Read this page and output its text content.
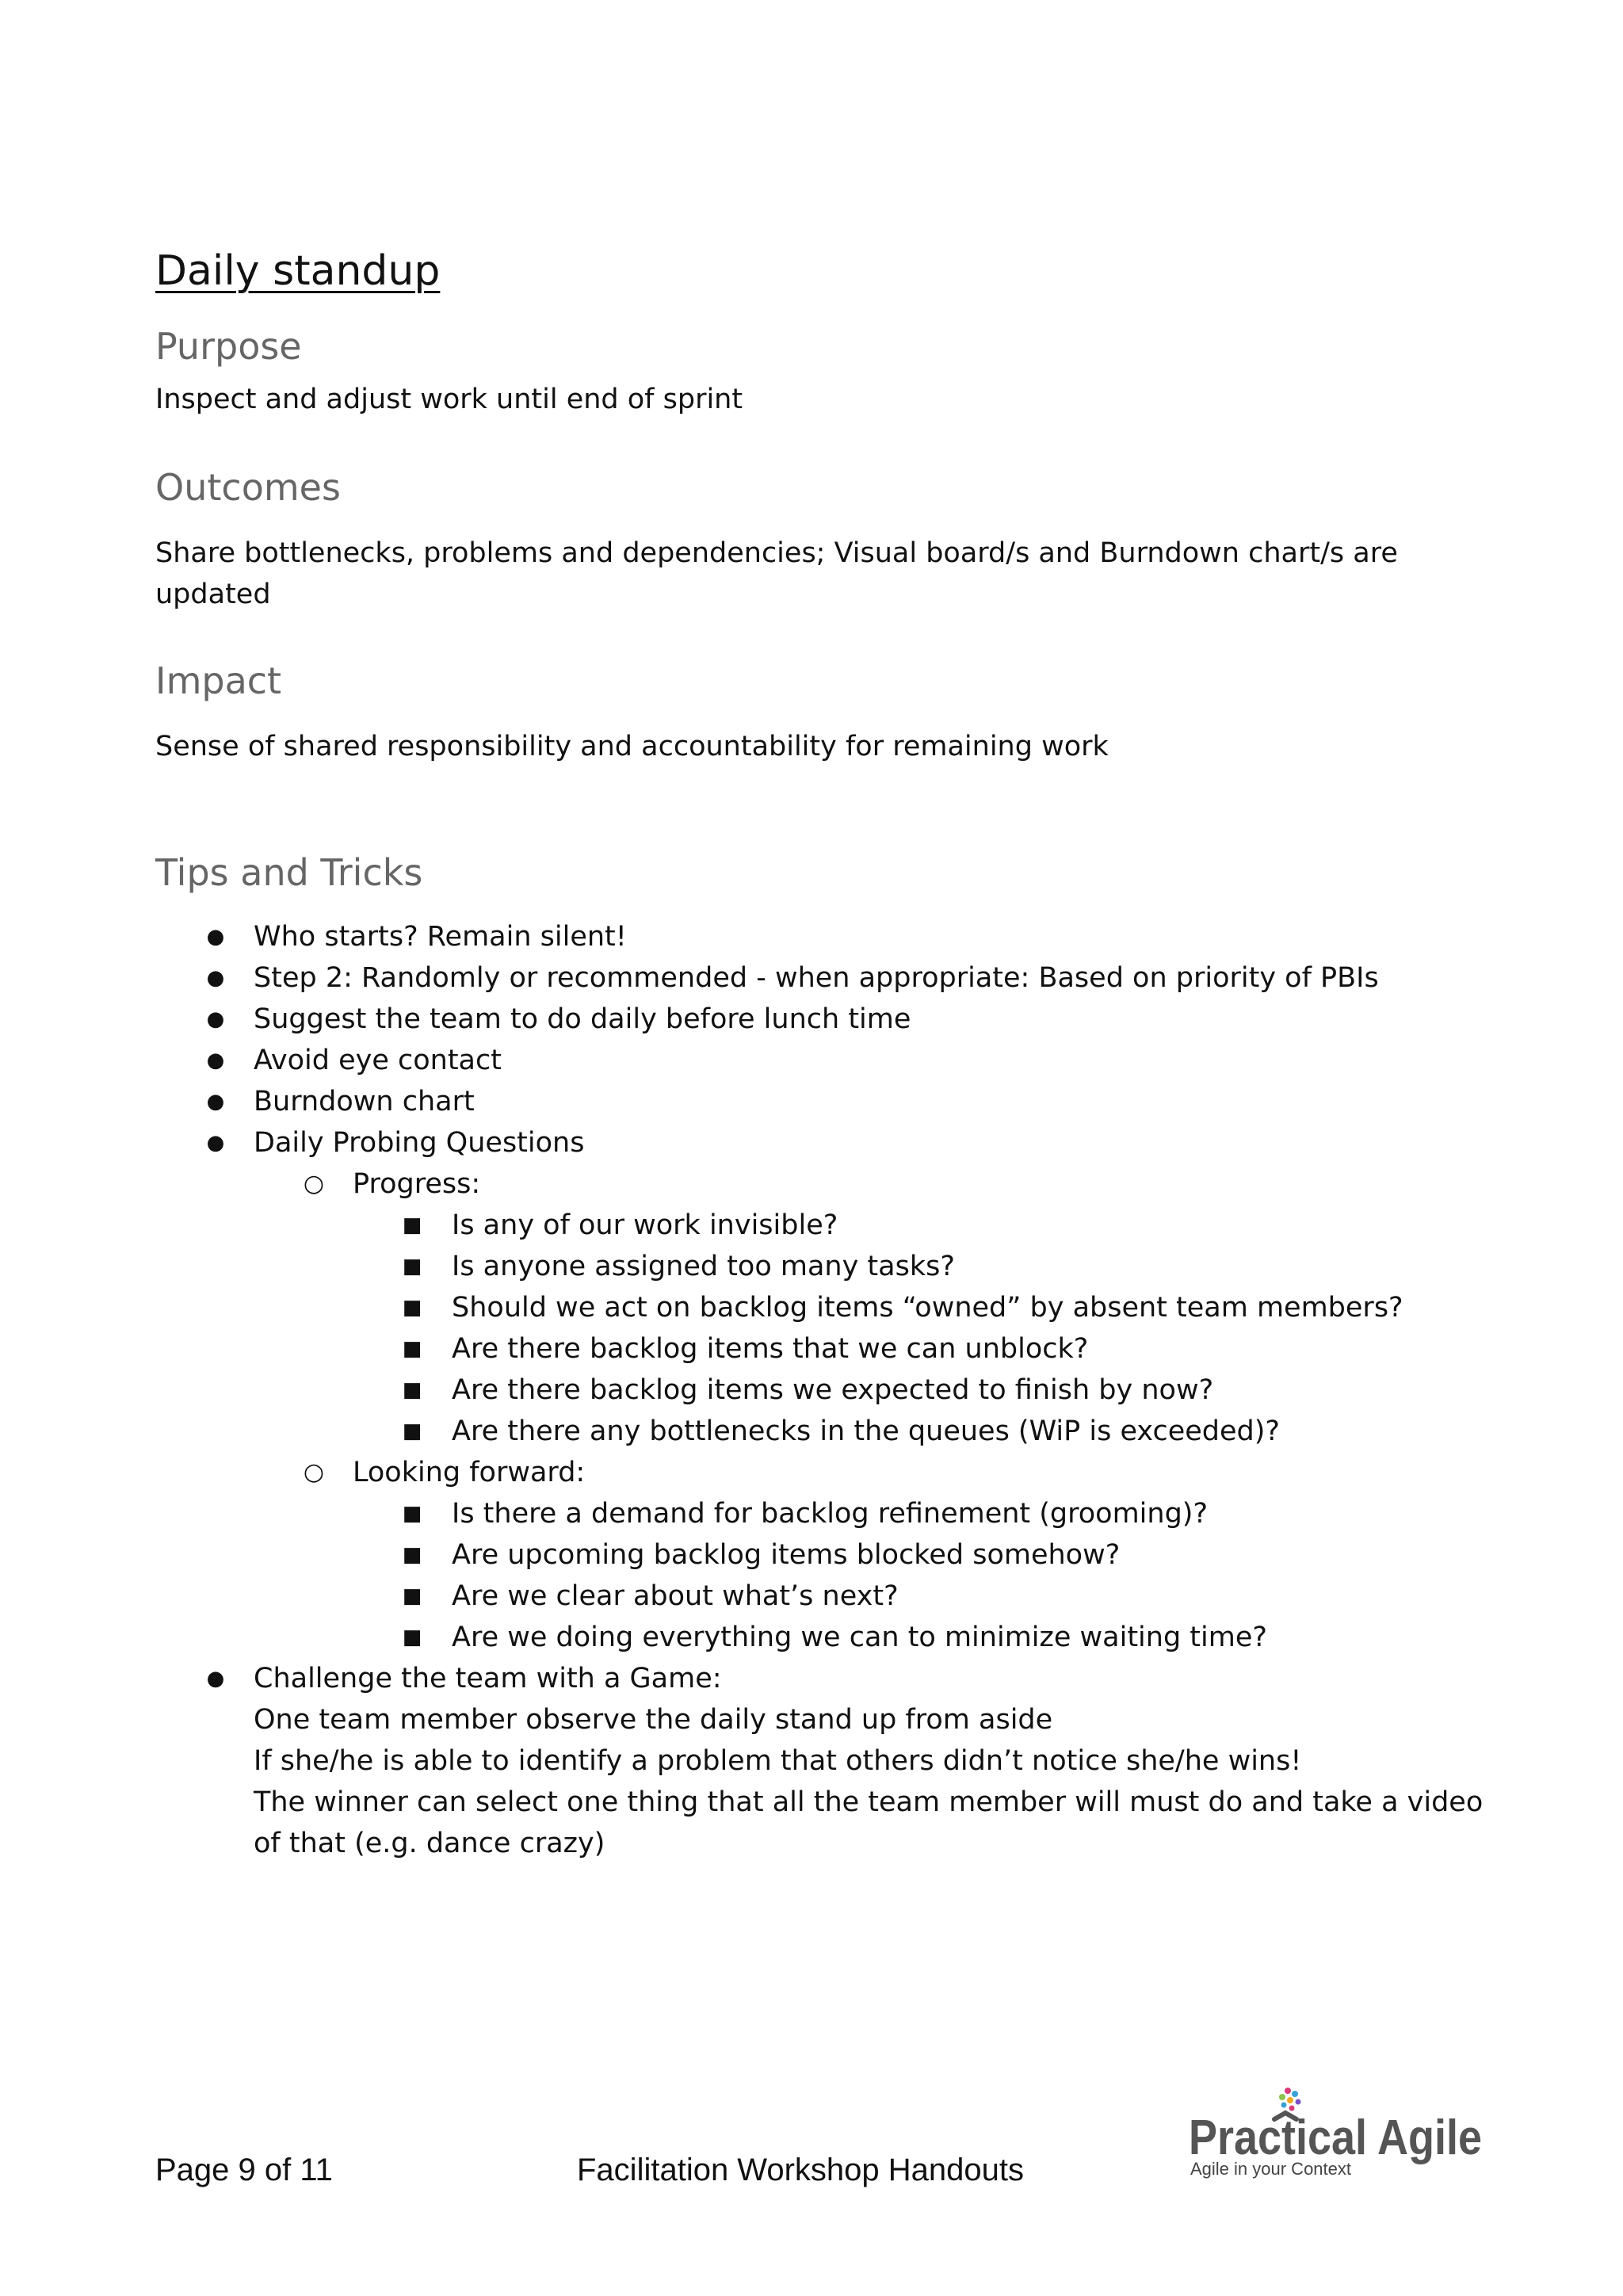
Daily standup
Purpose

Inspect and adjust work until end of sprint

Outcomes

Share bottlenecks, problems and dependencies; Visual board/s and Burndown chart/s are updated

Impact

Sense of shared responsibility and accountability for remaining work

Tips and Tricks
● Who starts? Remain silent!
● Step 2: Randomly or recommended - when appropriate: Based on priority of PBIs
● Suggest the team to do daily before lunch time
● Avoid eye contact
● Burndown chart
● Daily Probing Questions
○ Progress:
■ Is any of our work invisible?
■ Is anyone assigned too many tasks?
■ Should we act on backlog items “owned” by absent team members?
■ Are there backlog items that we can unblock?
■ Are there backlog items we expected to finish by now?
■ Are there any bottlenecks in the queues (WiP is exceeded)?
○ Looking forward:
■ Is there a demand for backlog refinement (grooming)?
■ Are upcoming backlog items blocked somehow?
■ Are we clear about what’s next?
■ Are we doing everything we can to minimize waiting time?
● Challenge the team with a Game:
One team member observe the daily stand up from aside
If she/he is able to identify a problem that others didn’t notice she/he wins!
The winner can select one thing that all the team member will must do and take a video of that (e.g. dance crazy)
Page 9 of 11	Facilitation Workshop Handouts
Practical Agile
Agile in your Context
